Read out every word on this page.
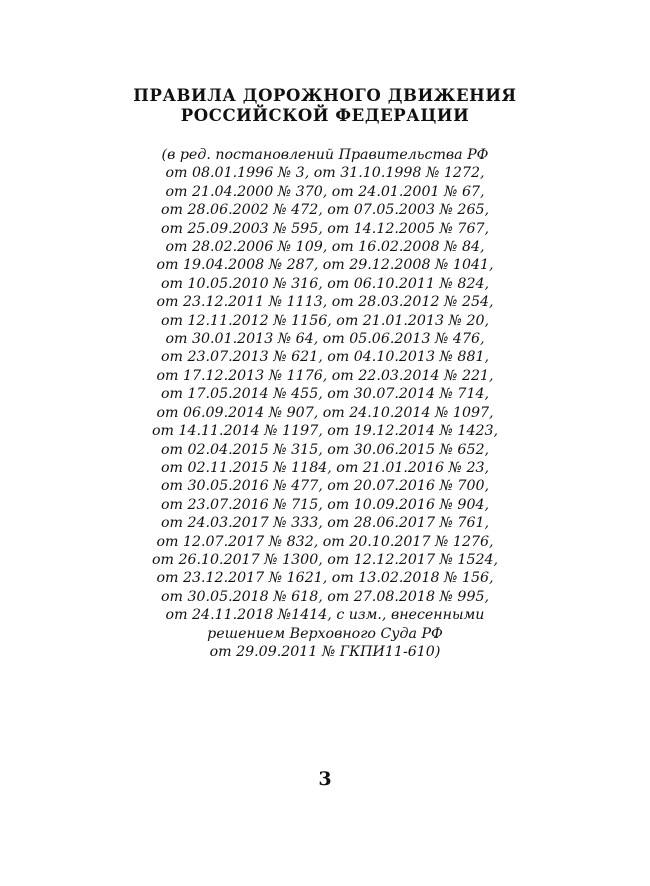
ПРАВИЛА ДОРОЖНОГО ДВИЖЕНИЯ
РОССИЙСКОЙ ФЕДЕРАЦИИ
(в ред. постановлений Правительства РФ
от 08.01.1996 № 3, от 31.10.1998 № 1272,
от 21.04.2000 № 370, от 24.01.2001 № 67,
от 28.06.2002 № 472, от 07.05.2003 № 265,
от 25.09.2003 № 595, от 14.12.2005 № 767,
от 28.02.2006 № 109, от 16.02.2008 № 84,
от 19.04.2008 № 287, от 29.12.2008 № 1041,
от 10.05.2010 № 316, от 06.10.2011 № 824,
от 23.12.2011 № 1113, от 28.03.2012 № 254,
от 12.11.2012 № 1156, от 21.01.2013 № 20,
от 30.01.2013 № 64, от 05.06.2013 № 476,
от 23.07.2013 № 621, от 04.10.2013 № 881,
от 17.12.2013 № 1176, от 22.03.2014 № 221,
от 17.05.2014 № 455, от 30.07.2014 № 714,
от 06.09.2014 № 907, от 24.10.2014 № 1097,
от 14.11.2014 № 1197, от 19.12.2014 № 1423,
от 02.04.2015 № 315, от 30.06.2015 № 652,
от 02.11.2015 № 1184, от 21.01.2016 № 23,
от 30.05.2016 № 477, от 20.07.2016 № 700,
от 23.07.2016 № 715, от 10.09.2016 № 904,
от 24.03.2017 № 333, от 28.06.2017 № 761,
от 12.07.2017 № 832, от 20.10.2017 № 1276,
от 26.10.2017 № 1300, от 12.12.2017 № 1524,
от 23.12.2017 № 1621, от 13.02.2018 № 156,
от 30.05.2018 № 618, от 27.08.2018 № 995,
от 24.11.2018 №1414, с изм., внесенными
решением Верховного Суда РФ
от 29.09.2011 № ГКПИ11-610)
3
